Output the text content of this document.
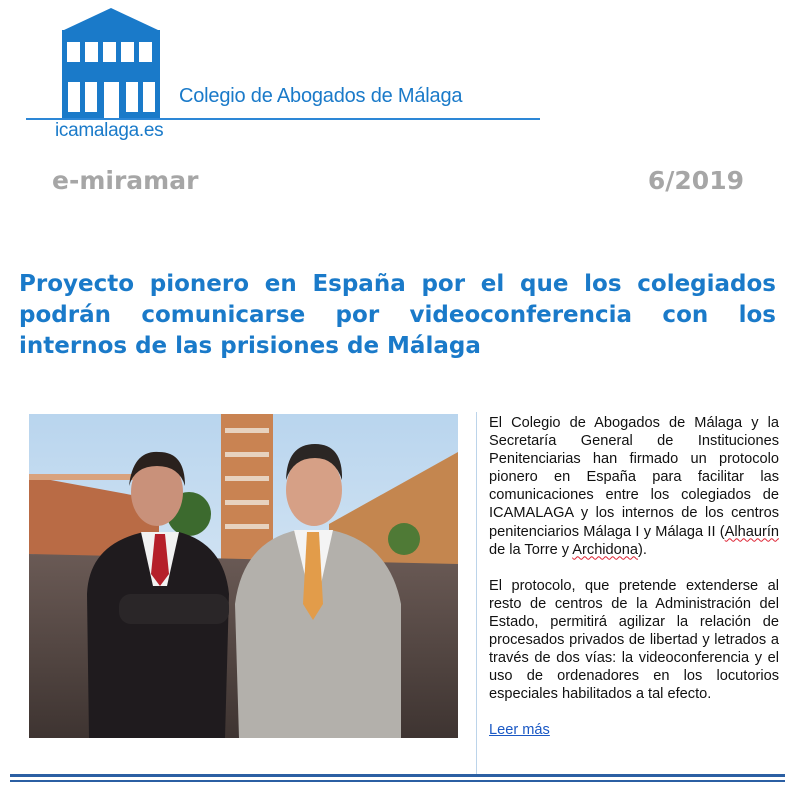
Colegio de Abogados de Málaga
icamalaga.es
e-miramar	6/2019
Proyecto pionero en España por el que los colegiados podrán comunicarse por videoconferencia con los internos de las prisiones de Málaga

El Colegio de Abogados de Málaga y la Secretaría General de Instituciones Penitenciarias han firmado un protocolo pionero en España para facilitar las comunicaciones entre los colegiados de ICAMALAGA y los internos de los centros penitenciarios Málaga I y Málaga II (Alhaurín de la Torre y Archidona).

El protocolo, que pretende extenderse al resto de centros de la Administración del Estado, permitirá agilizar la relación de procesados privados de libertad y letrados a través de dos vías: la videoconferencia y el uso de ordenadores en los locutorios especiales habilitados a tal efecto.

Leer más
